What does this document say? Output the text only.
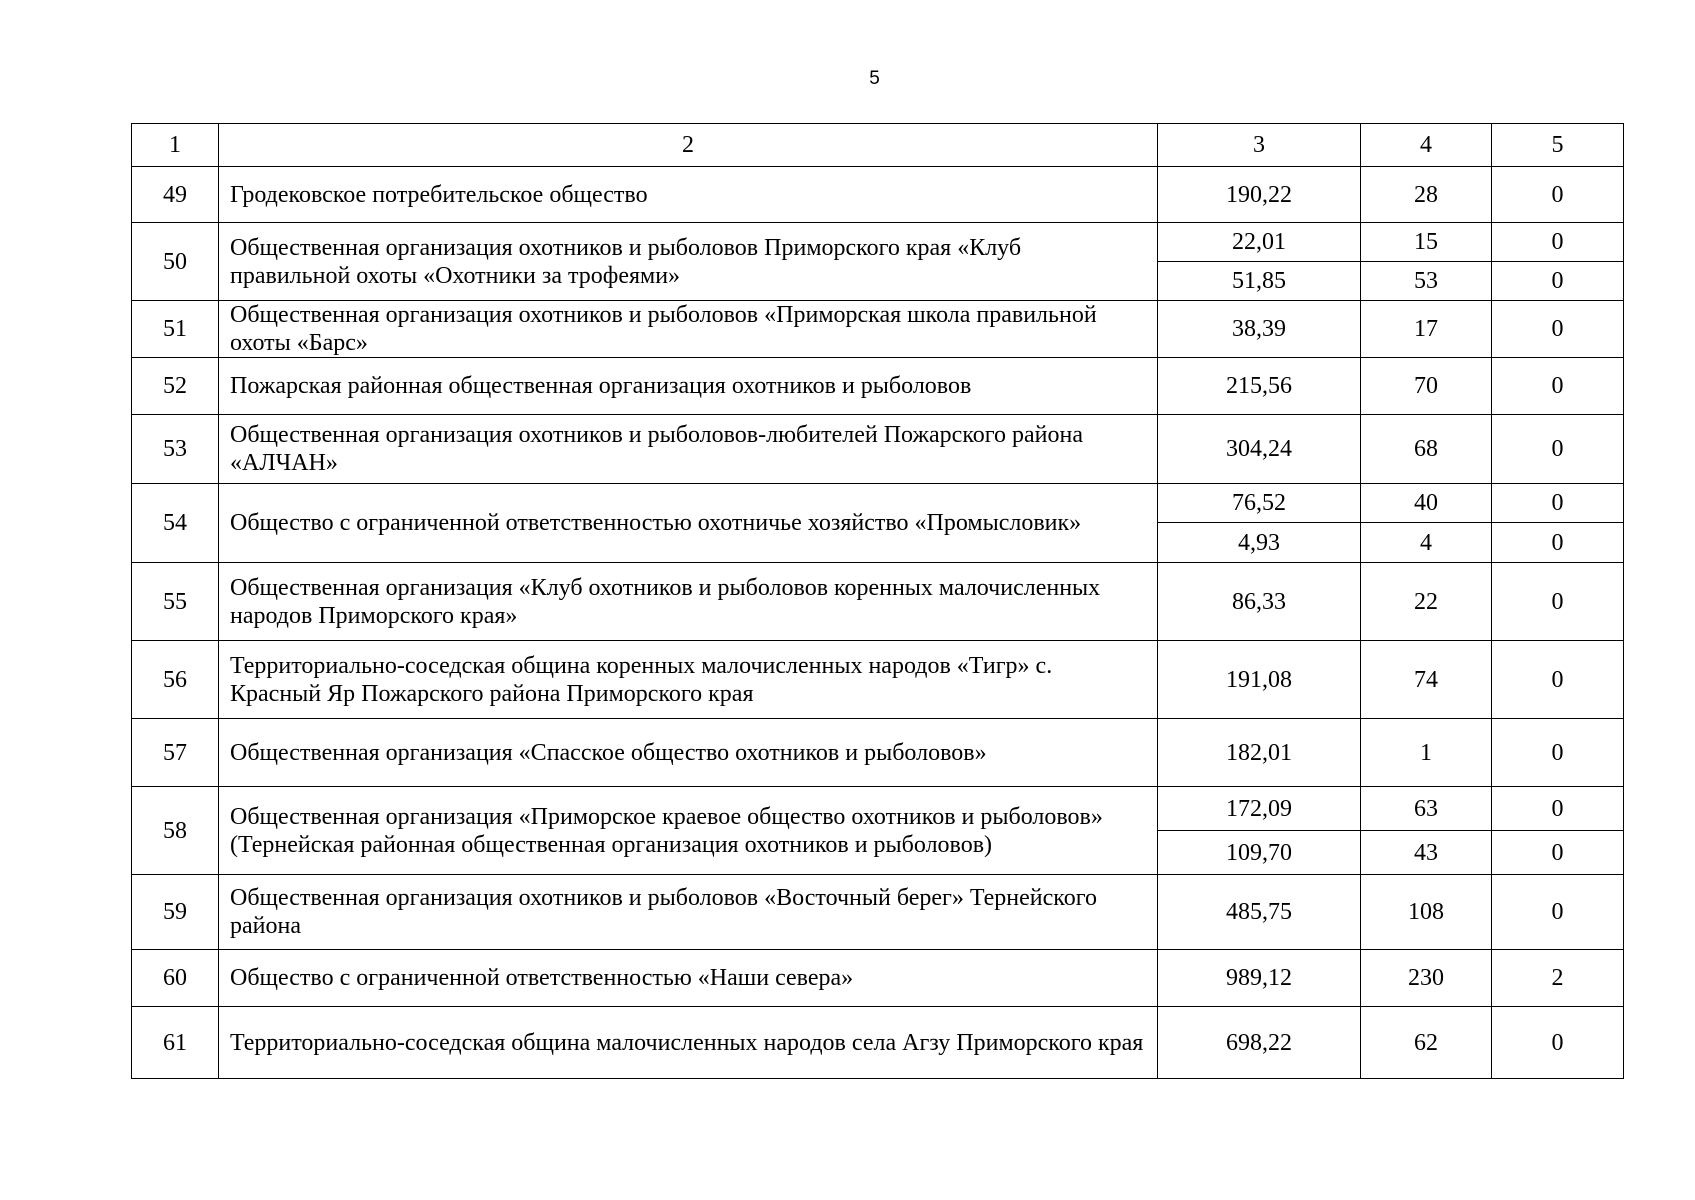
5
1	2	3	4	5
49	Гродековское потребительское общество	190,22	28	0
50	Общественная организация охотников и рыболовов Приморского края «Клуб правильной охоты «Охотники за трофеями»	22,01	15	0
		51,85	53	0
51	Общественная организация охотников и рыболовов «Приморская школа правильной охоты «Барс»	38,39	17	0
52	Пожарская районная общественная организация охотников и рыболовов	215,56	70	0
53	Общественная организация охотников и рыболовов-любителей Пожарского района «АЛЧАН»	304,24	68	0
54	Общество с ограниченной ответственностью охотничье хозяйство «Промысловик»	76,52	40	0
		4,93	4	0
55	Общественная организация «Клуб охотников и рыболовов коренных малочисленных народов Приморского края»	86,33	22	0
56	Территориально-соседская община коренных малочисленных народов «Тигр» с. Красный Яр Пожарского района Приморского края	191,08	74	0
57	Общественная организация «Спасское общество охотников и рыболовов»	182,01	1	0
58	Общественная организация «Приморское краевое общество охотников и рыболовов» (Тернейская районная общественная организация охотников и рыболовов)	172,09	63	0
		109,70	43	0
59	Общественная организация охотников и рыболовов «Восточный берег» Тернейского района	485,75	108	0
60	Общество с ограниченной ответственностью «Наши севера»	989,12	230	2
61	Территориально-соседская община малочисленных народов села Агзу Приморского края	698,22	62	0
